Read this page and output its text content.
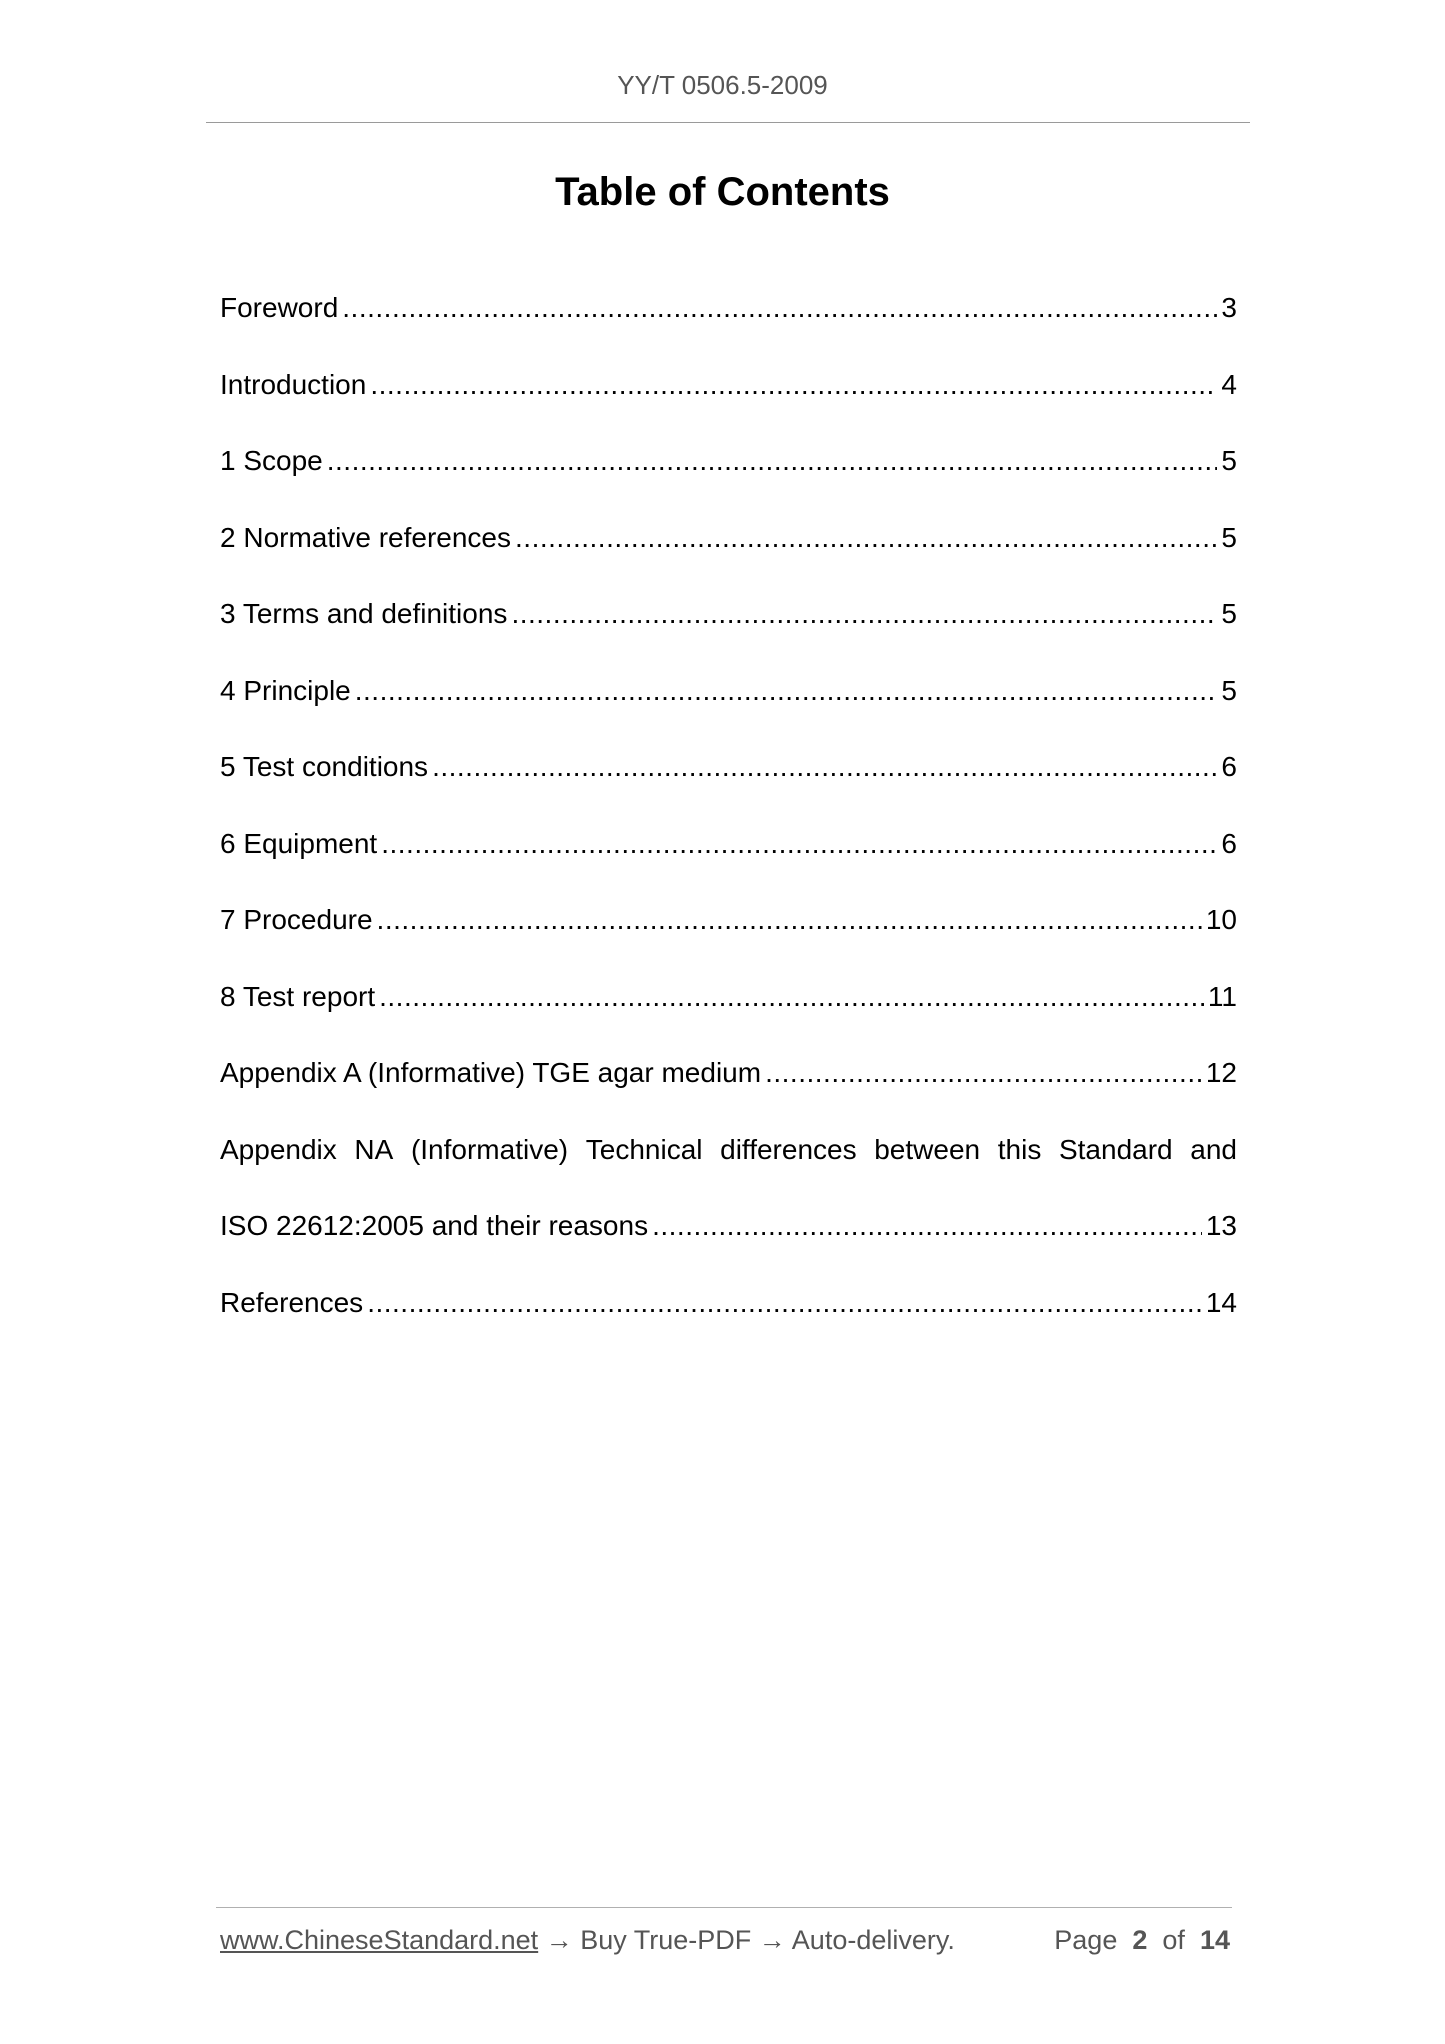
YY/T 0506.5-2009
Table of Contents
Foreword .....	3
Introduction .....	4
1 Scope .....	5
2 Normative references .....	5
3 Terms and definitions .....	5
4 Principle .....	5
5 Test conditions .....	6
6 Equipment .....	6
7 Procedure .....	10
8 Test report .....	11
Appendix A (Informative) TGE agar medium .....	12
Appendix NA (Informative) Technical differences between this Standard and
ISO 22612:2005 and their reasons .....	13
References .....	14
www.ChineseStandard.net → Buy True-PDF → Auto-delivery.	Page 2 of 14
